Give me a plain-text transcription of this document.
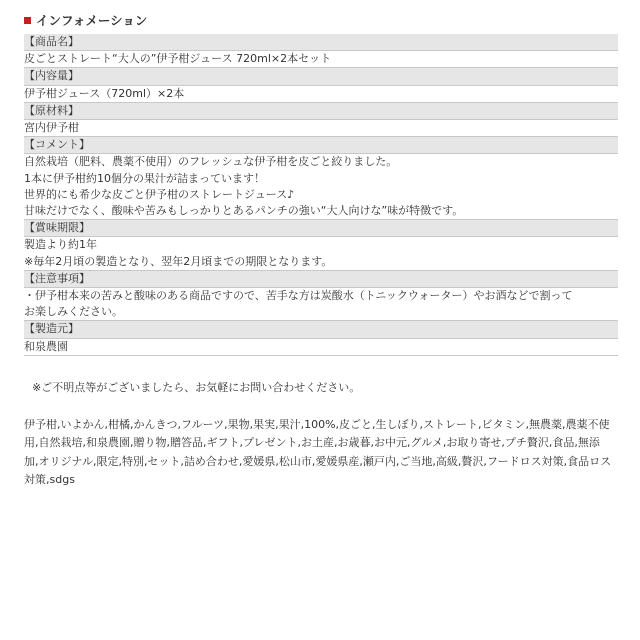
インフォメーション
【商品名】
皮ごとストレート“大人の”伊予柑ジュース 720ml×2本セット
【内容量】
伊予柑ジュース（720ml）×2本
【原材料】
宮内伊予柑
【コメント】
自然栽培（肥料、農薬不使用）のフレッシュな伊予柑を皮ごと絞りました。
1本に伊予柑約10個分の果汁が詰まっています！
世界的にも希少な皮ごと伊予柑のストレートジュース♪
甘味だけでなく、酸味や苦みもしっかりとあるパンチの強い“大人向けな”味が特徴です。
【賞味期限】
製造より約1年
※毎年2月頃の製造となり、翌年2月頃までの期限となります。
【注意事項】
・伊予柑本来の苦みと酸味のある商品ですので、苦手な方は炭酸水（トニックウォーター）やお酒などで割って
お楽しみください。
【製造元】
和泉農園
※ご不明点等がございましたら、お気軽にお問い合わせください。
伊予柑,いよかん,柑橘,かんきつ,フルーツ,果物,果実,果汁,100%,皮ごと,生しぼり,ストレート,ビタミン,無農薬,農薬不使用,自然栽培,和泉農園,贈り物,贈答品,ギフト,プレゼント,お土産,お歳暮,お中元,グルメ,お取り寄せ,プチ贅沢,食品,無添加,オリジナル,限定,特別,セット,詰め合わせ,愛媛県,松山市,愛媛県産,瀬戸内,ご当地,高級,贅沢,フードロス対策,食品ロス対策,sdgs
